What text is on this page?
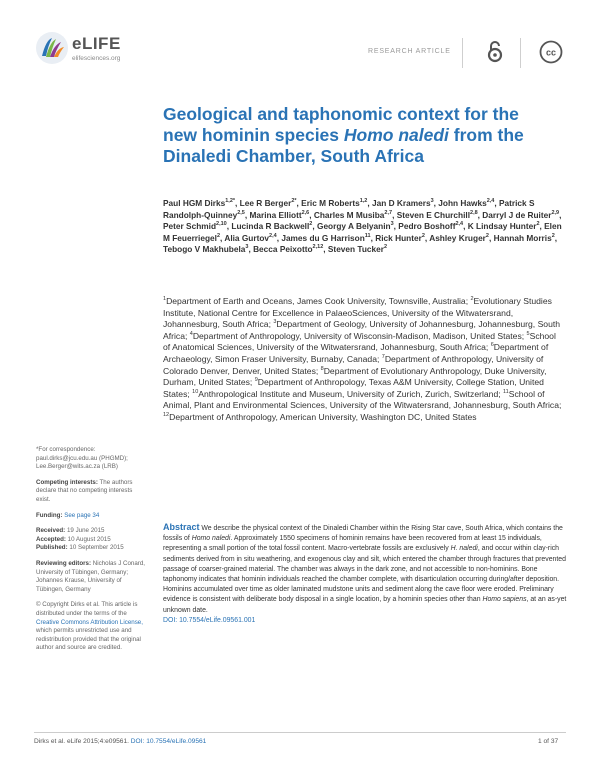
eLIFE
elifesciences.org
RESEARCH ARTICLE	cc
Geological and taphonomic context for the new hominin species Homo naledi from the Dinaledi Chamber, South Africa
Paul HGM Dirks$^{1,2*}$, Lee R Berger$^{2*}$, Eric M Roberts$^{1,2}$, Jan D Kramers$^3$, John Hawks$^{2,4}$, Patrick S Randolph-Quinney$^{2,5}$, Marina Elliott$^{2,6}$, Charles M Musiba$^{2,7}$, Steven E Churchill$^{2,8}$, Darryl J de Ruiter$^{2,9}$, Peter Schmid$^{2,10}$, Lucinda R Backwell$^2$, Georgy A Belyanin$^3$, Pedro Boshoff$^{2,4}$, K Lindsay Hunter$^2$, Elen M Feuerriegel$^2$, Alia Gurtov$^{2,4}$, James du G Harrison$^{11}$, Rick Hunter$^2$, Ashley Kruger$^2$, Hannah Morris$^2$, Tebogo V Makhubela$^3$, Becca Peixotto$^{2,12}$, Steven Tucker$^2$
$^1$Department of Earth and Oceans, James Cook University, Townsville, Australia; $^2$Evolutionary Studies Institute, National Centre for Excellence in PalaeoSciences, University of the Witwatersrand, Johannesburg, South Africa; $^3$Department of Geology, University of Johannesburg, Johannesburg, South Africa; $^4$Department of Anthropology, University of Wisconsin-Madison, Madison, United States; $^5$School of Anatomical Sciences, University of the Witwatersrand, Johannesburg, South Africa; $^6$Department of Archaeology, Simon Fraser University, Burnaby, Canada; $^7$Department of Anthropology, University of Colorado Denver, Denver, United States; $^8$Department of Evolutionary Anthropology, Duke University, Durham, United States; $^9$Department of Anthropology, Texas A&M University, College Station, United States; $^{10}$Anthropological Institute and Museum, University of Zurich, Zurich, Switzerland; $^{11}$School of Animal, Plant and Environmental Sciences, University of the Witwatersrand, Johannesburg, South Africa; $^{12}$Department of Anthropology, American University, Washington DC, United States
*For correspondence: paul.dirks@jcu.edu.au (PHGMD); Lee.Berger@wits.ac.za (LRB)
Competing interests: The authors declare that no competing interests exist.
Funding: See page 34
Received: 19 June 2015
Accepted: 10 August 2015
Published: 10 September 2015
Reviewing editors: Nicholas J Conard, University of Tübingen, Germany; Johannes Krause, University of Tübingen, Germany
© Copyright Dirks et al. This article is distributed under the terms of the Creative Commons Attribution License, which permits unrestricted use and redistribution provided that the original author and source are credited.
Abstract We describe the physical context of the Dinaledi Chamber within the Rising Star cave, South Africa, which contains the fossils of Homo naledi. Approximately 1550 specimens of hominin remains have been recovered from at least 15 individuals, representing a small portion of the total fossil content. Macro-vertebrate fossils are exclusively H. naledi, and occur within clay-rich sediments derived from in situ weathering, and exogenous clay and silt, which entered the chamber through fractures that prevented passage of coarser-grained material. The chamber was always in the dark zone, and not accessible to non-hominins. Bone taphonomy indicates that hominin individuals reached the chamber complete, with disarticulation occurring during/after deposition. Hominins accumulated over time as older laminated mudstone units and sediment along the cave floor were eroded. Preliminary evidence is consistent with deliberate body disposal in a single location, by a hominin species other than Homo sapiens, at an as-yet unknown date.
DOI: 10.7554/eLife.09561.001
Dirks et al. eLife 2015;4:e09561. DOI: 10.7554/eLife.09561	1 of 37
